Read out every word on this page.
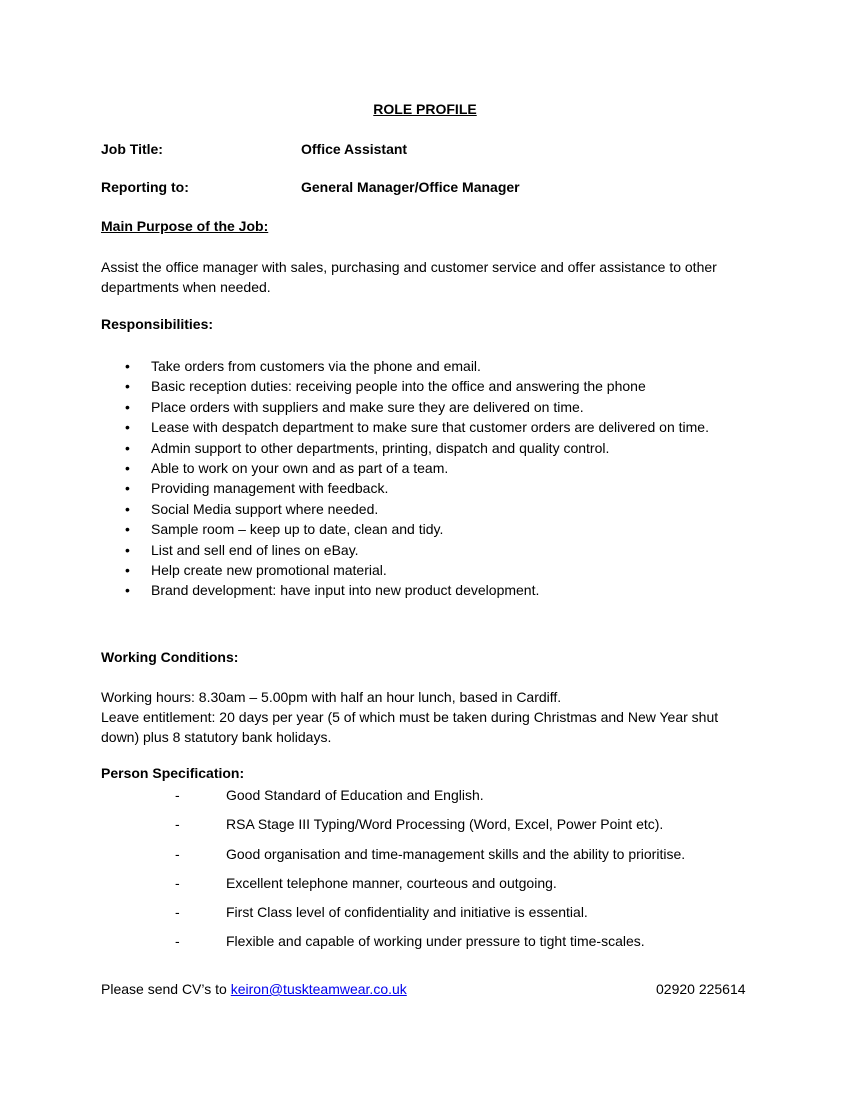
ROLE PROFILE
Job Title:	Office Assistant
Reporting to:	General Manager/Office Manager
Main Purpose of the Job:
Assist the office manager with sales, purchasing and customer service and offer assistance to other
departments when needed.
Responsibilities:
• Take orders from customers via the phone and email.
• Basic reception duties: receiving people into the office and answering the phone
• Place orders with suppliers and make sure they are delivered on time.
• Lease with despatch department to make sure that customer orders are delivered on time.
• Admin support to other departments, printing, dispatch and quality control.
• Able to work on your own and as part of a team.
• Providing management with feedback.
• Social Media support where needed.
• Sample room – keep up to date, clean and tidy.
• List and sell end of lines on eBay.
• Help create new promotional material.
• Brand development: have input into new product development.
Working Conditions:
Working hours: 8.30am – 5.00pm with half an hour lunch, based in Cardiff.
Leave entitlement: 20 days per year (5 of which must be taken during Christmas and New Year shut
down) plus 8 statutory bank holidays.
Person Specification:
-	Good Standard of Education and English.
-	RSA Stage III Typing/Word Processing (Word, Excel, Power Point etc).
-	Good organisation and time-management skills and the ability to prioritise.
-	Excellent telephone manner, courteous and outgoing.
-	First Class level of confidentiality and initiative is essential.
-	Flexible and capable of working under pressure to tight time-scales.
Please send CV’s to keiron@tuskteamwear.co.uk	02920 225614
